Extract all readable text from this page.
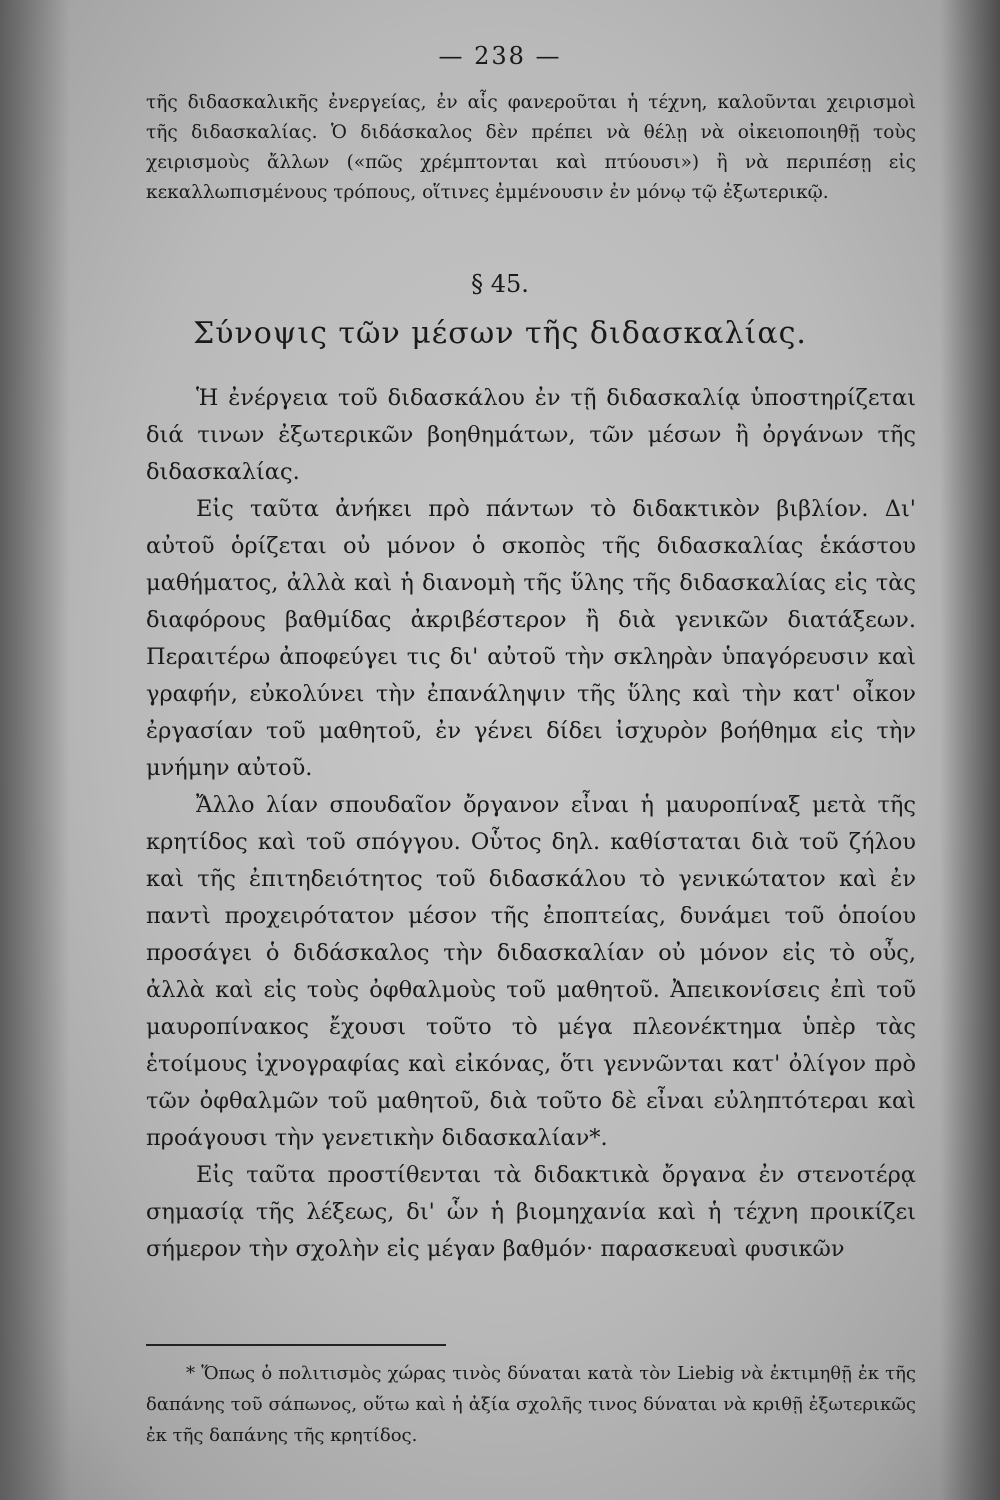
— 238 —
τῆς διδασκαλικῆς ἐνεργείας, ἐν αἷς φανεροῦται ἡ τέχνη, καλοῦνται χειρισμοὶ τῆς διδασκαλίας. Ὁ διδάσκαλος δὲν πρέπει νὰ θέλῃ νὰ οἰκειοποιηθῇ τοὺς χειρισμοὺς ἄλλων («πῶς χρέμπτονται καὶ πτύουσι») ἢ νὰ περιπέσῃ εἰς κεκαλλωπισμένους τρόπους, οἵτινες ἐμμένουσιν ἐν μόνῳ τῷ ἐξωτερικῷ.
§ 45.
Σύνοψις τῶν μέσων τῆς διδασκαλίας.

Ἡ ἐνέργεια τοῦ διδασκάλου ἐν τῇ διδασκαλίᾳ ὑποστηρίζεται διά τινων ἐξωτερικῶν βοηθημάτων, τῶν μέσων ἢ ὀργάνων τῆς διδασκαλίας.

Εἰς ταῦτα ἀνήκει πρὸ πάντων τὸ διδακτικὸν βιβλίον. Δι' αὐτοῦ ὁρίζεται οὐ μόνον ὁ σκοπὸς τῆς διδασκαλίας ἑκάστου μαθήματος, ἀλλὰ καὶ ἡ διανομὴ τῆς ὕλης τῆς διδασκαλίας εἰς τὰς διαφόρους βαθμίδας ἀκριβέστερον ἢ διὰ γενικῶν διατάξεων. Περαιτέρω ἀποφεύγει τις δι' αὐτοῦ τὴν σκληρὰν ὑπαγόρευσιν καὶ γραφήν, εὐκολύνει τὴν ἐπανάληψιν τῆς ὕλης καὶ τὴν κατ' οἶκον ἐργασίαν τοῦ μαθητοῦ, ἐν γένει δίδει ἰσχυρὸν βοήθημα εἰς τὴν μνήμην αὐτοῦ.

Ἄλλο λίαν σπουδαῖον ὄργανον εἶναι ἡ μαυροπίναξ μετὰ τῆς κρητίδος καὶ τοῦ σπόγγου. Οὗτος δηλ. καθίσταται διὰ τοῦ ζήλου καὶ τῆς ἐπιτηδειότητος τοῦ διδασκάλου τὸ γενικώτατον καὶ ἐν παντὶ προχειρότατον μέσον τῆς ἐποπτείας, δυνάμει τοῦ ὁποίου προσάγει ὁ διδάσκαλος τὴν διδασκαλίαν οὐ μόνον εἰς τὸ οὖς, ἀλλὰ καὶ εἰς τοὺς ὀφθαλμοὺς τοῦ μαθητοῦ. Ἀπεικονίσεις ἐπὶ τοῦ μαυροπίνακος ἔχουσι τοῦτο τὸ μέγα πλεονέκτημα ὑπὲρ τὰς ἑτοίμους ἰχνογραφίας καὶ εἰκόνας, ὅτι γεννῶνται κατ' ὀλίγον πρὸ τῶν ὀφθαλμῶν τοῦ μαθητοῦ, διὰ τοῦτο δὲ εἶναι εὐληπτότεραι καὶ προάγουσι τὴν γενετικὴν διδασκαλίαν*.

Εἰς ταῦτα προστίθενται τὰ διδακτικὰ ὄργανα ἐν στενοτέρᾳ σημασίᾳ τῆς λέξεως, δι' ὧν ἡ βιομηχανία καὶ ἡ τέχνη προικίζει σήμερον τὴν σχολὴν εἰς μέγαν βαθμόν· παρασκευαὶ φυσικῶν

* Ὅπως ὁ πολιτισμὸς χώρας τινὸς δύναται κατὰ τὸν Liebig νὰ ἐκτιμηθῇ ἐκ τῆς δαπάνης τοῦ σάπωνος, οὕτω καὶ ἡ ἀξία σχολῆς τινος δύναται νὰ κριθῇ ἐξωτερικῶς ἐκ τῆς δαπάνης τῆς κρητίδος.
